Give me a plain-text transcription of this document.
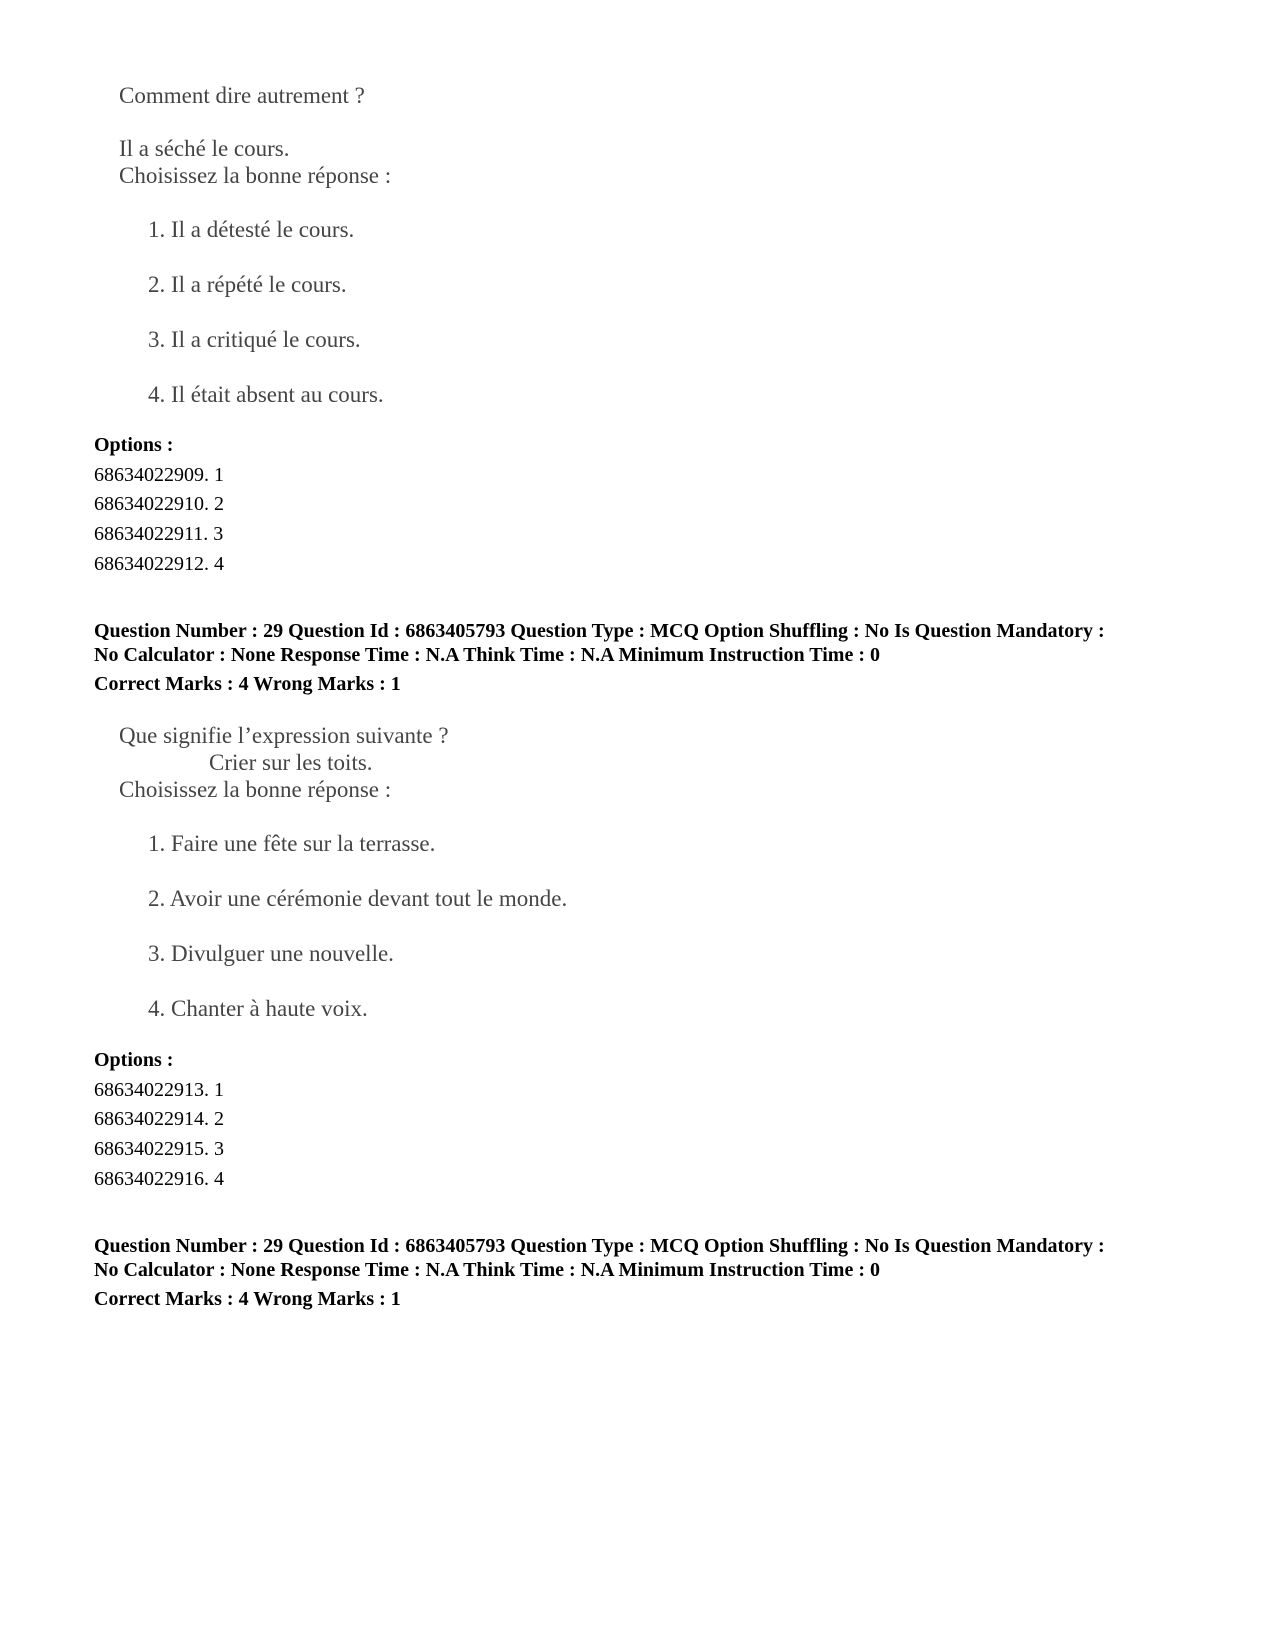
Comment dire autrement ?
Il a séché le cours.
Choisissez la bonne réponse :
1. Il a détesté le cours.
2. Il a répété le cours.
3. Il a critiqué le cours.
4. Il était absent au cours.
Options :
68634022909. 1
68634022910. 2
68634022911. 3
68634022912. 4
Question Number : 29 Question Id : 6863405793 Question Type : MCQ Option Shuffling : No Is Question Mandatory :
No Calculator : None Response Time : N.A Think Time : N.A Minimum Instruction Time : 0
Correct Marks : 4 Wrong Marks : 1
Que signifie l’expression suivante ?
Crier sur les toits.
Choisissez la bonne réponse :
1. Faire une fête sur la terrasse.
2. Avoir une cérémonie devant tout le monde.
3. Divulguer une nouvelle.
4. Chanter à haute voix.
Options :
68634022913. 1
68634022914. 2
68634022915. 3
68634022916. 4
Question Number : 29 Question Id : 6863405793 Question Type : MCQ Option Shuffling : No Is Question Mandatory :
No Calculator : None Response Time : N.A Think Time : N.A Minimum Instruction Time : 0
Correct Marks : 4 Wrong Marks : 1
